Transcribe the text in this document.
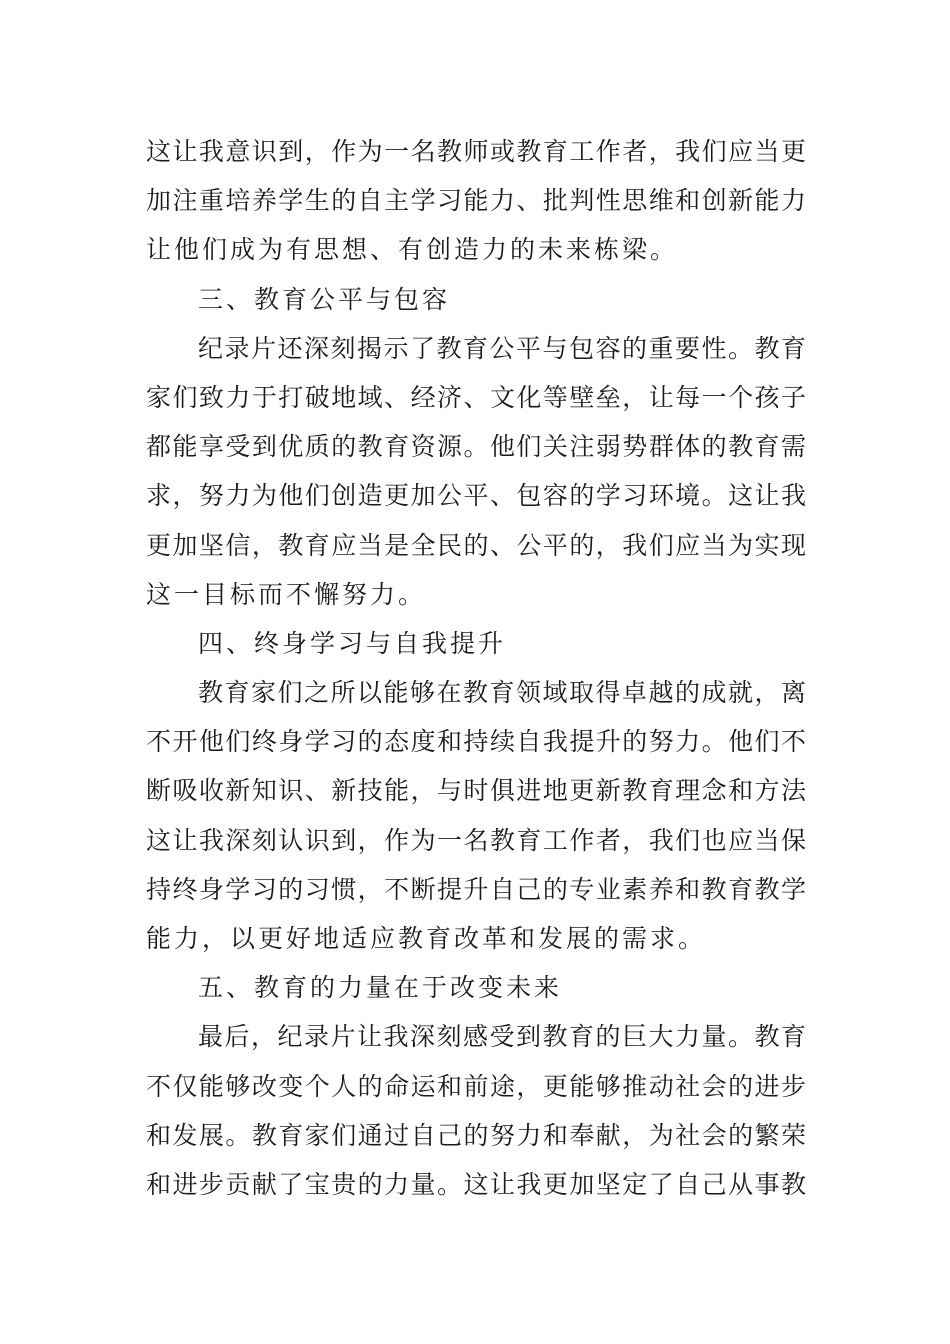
这让我意识到，作为一名教师或教育工作者，我们应当更
加注重培养学生的自主学习能力、批判性思维和创新能力
让他们成为有思想、有创造力的未来栋梁。
三、教育公平与包容
纪录片还深刻揭示了教育公平与包容的重要性。教育
家们致力于打破地域、经济、文化等壁垒，让每一个孩子
都能享受到优质的教育资源。他们关注弱势群体的教育需
求，努力为他们创造更加公平、包容的学习环境。这让我
更加坚信，教育应当是全民的、公平的，我们应当为实现
这一目标而不懈努力。
四、终身学习与自我提升
教育家们之所以能够在教育领域取得卓越的成就，离
不开他们终身学习的态度和持续自我提升的努力。他们不
断吸收新知识、新技能，与时俱进地更新教育理念和方法
这让我深刻认识到，作为一名教育工作者，我们也应当保
持终身学习的习惯，不断提升自己的专业素养和教育教学
能力，以更好地适应教育改革和发展的需求。
五、教育的力量在于改变未来
最后，纪录片让我深刻感受到教育的巨大力量。教育
不仅能够改变个人的命运和前途，更能够推动社会的进步
和发展。教育家们通过自己的努力和奉献，为社会的繁荣
和进步贡献了宝贵的力量。这让我更加坚定了自己从事教
